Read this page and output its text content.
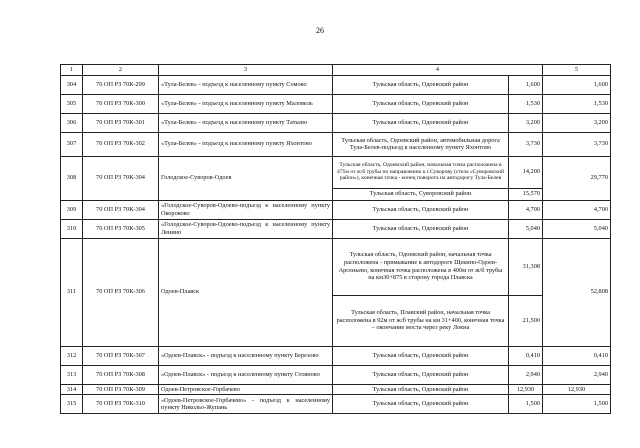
26
1	2	3	4		5
304	70 ОП РЗ 70К-299	«Тула-Белев» - подъезд к населенному пункту Сомово	Тульская область, Одоевский район	1,600	1,600
305	70 ОП РЗ 70К-300	«Тула-Белев» - подъезд к населенному пункту Маловель	Тульская область, Одоевский район	1,530	1,530
306	70 ОП РЗ 70К-301	«Тула-Белев» - подъезд к населенному пункту Татьево	Тульская область, Одоевский район	3,200	3,200
307	70 ОП РЗ 70К-302	«Тула-Белев» - подъезд к населенному пункту Яхонтово	Тульская область, Одоевский район, автомобильная дорога Тула-Белев-подъезд к населенному пункту Яхонтово	3,730	3,730
308	70 ОП РЗ 70К-304	Голодское-Суворов-Одоев	Тульская область, Одоевский район, начальная точка расположена в 475м от ж/б трубы по направлению к г.Суворову (стела «Суворовский район»), конечная точка - конец поворота на автодорогу Тула-Белев	14,200	29,770
			Тульская область, Суворовский район	15,570	
309	70 ОП РЗ 70К-304	«Голодское-Суворов-Одоево-подъезд к населенному пункту Окороково	Тульская область, Одоевский район	4,700	4,700
310	70 ОП РЗ 70К-305	«Голодское-Суворов-Одоево-подъезд к населенному пункту Ленино	Тульская область, Одоевский район	5,040	5,040
311	70 ОП РЗ 70К-306	Одоев-Плавск	Тульская область, Одоевский район, начальная точка расположена - примыкание к автодороге Щекино-Одоев-Арсеньево, конечная точка расположена в 400м от ж/б трубы на км30+875 в сторону города Плавска	31,308	52,808
			Тульская область, Плавский район, начальная точка расположена в 92м от ж/б трубы на км 31+400, конечная точка – окончание моста через реку Локна	21,500	
312	70 ОП РЗ 70К-307	«Одоев-Плавск» - подъезд к населенному пункту Березово	Тульская область, Одоевский район	0,410	0,410
313	70 ОП РЗ 70К-308	«Одоев-Плавск» - подъезд к населенному пункту Стояново	Тульская область, Одоевский район	2,940	2,940
314	70 ОП РЗ 70К-309	Одоев-Петровское-Горбачево	Тульская область, Одоевский район	12,930	12,930
315	70 ОП РЗ 70К-310	«Одоев-Петровское-Горбачево» - подъезд к населенному пункту Никольо-Жупань	Тульская область, Одоевский район	1,500	1,500
